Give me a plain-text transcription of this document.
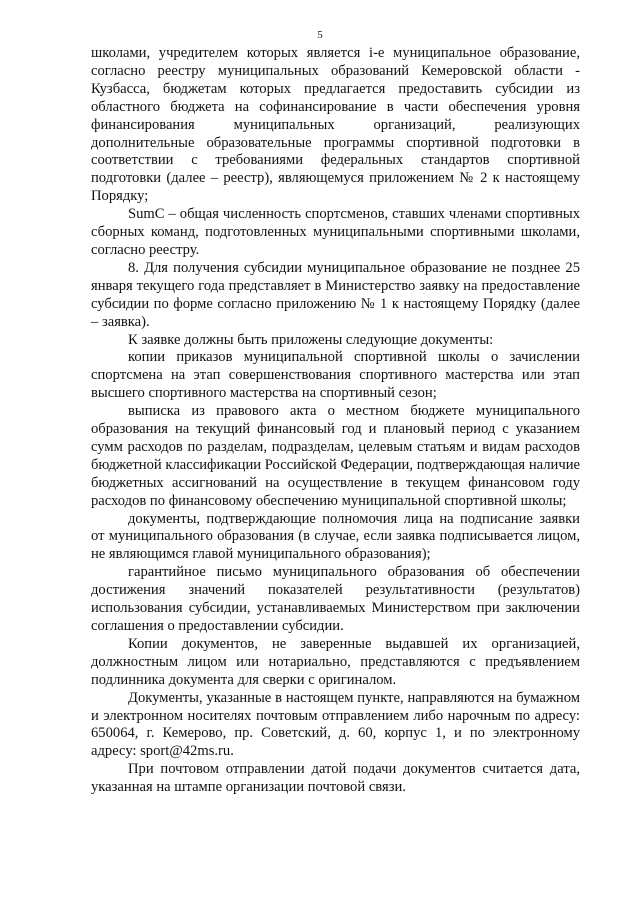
5

школами, учредителем которых является i-е муниципальное образование, согласно реестру муниципальных образований Кемеровской области - Кузбасса, бюджетам которых предлагается предоставить субсидии из областного бюджета на софинансирование в части обеспечения уровня финансирования муниципальных организаций, реализующих дополнительные образовательные программы спортивной подготовки в соответствии с требованиями федеральных стандартов спортивной подготовки (далее – реестр), являющемуся приложением № 2 к настоящему Порядку;

SumC – общая численность спортсменов, ставших членами спортивных сборных команд, подготовленных муниципальными спортивными школами, согласно реестру.

8. Для получения субсидии муниципальное образование не позднее 25 января текущего года представляет в Министерство заявку на предоставление субсидии по форме согласно приложению № 1 к настоящему Порядку (далее – заявка).

К заявке должны быть приложены следующие документы:

копии приказов муниципальной спортивной школы о зачислении спортсмена на этап совершенствования спортивного мастерства или этап высшего спортивного мастерства на спортивный сезон;

выписка из правового акта о местном бюджете муниципального образования на текущий финансовый год и плановый период с указанием сумм расходов по разделам, подразделам, целевым статьям и видам расходов бюджетной классификации Российской Федерации, подтверждающая наличие бюджетных ассигнований на осуществление в текущем финансовом году расходов по финансовому обеспечению муниципальной спортивной школы;

документы, подтверждающие полномочия лица на подписание заявки от муниципального образования (в случае, если заявка подписывается лицом, не являющимся главой муниципального образования);

гарантийное письмо муниципального образования об обеспечении достижения значений показателей результативности (результатов) использования субсидии, устанавливаемых Министерством при заключении соглашения о предоставлении субсидии.

Копии документов, не заверенные выдавшей их организацией, должностным лицом или нотариально, представляются с предъявлением подлинника документа для сверки с оригиналом.

Документы, указанные в настоящем пункте, направляются на бумажном и электронном носителях почтовым отправлением либо нарочным по адресу: 650064, г. Кемерово, пр. Советский, д. 60, корпус 1, и по электронному адресу: sport@42ms.ru.

При почтовом отправлении датой подачи документов считается дата, указанная на штампе организации почтовой связи.
